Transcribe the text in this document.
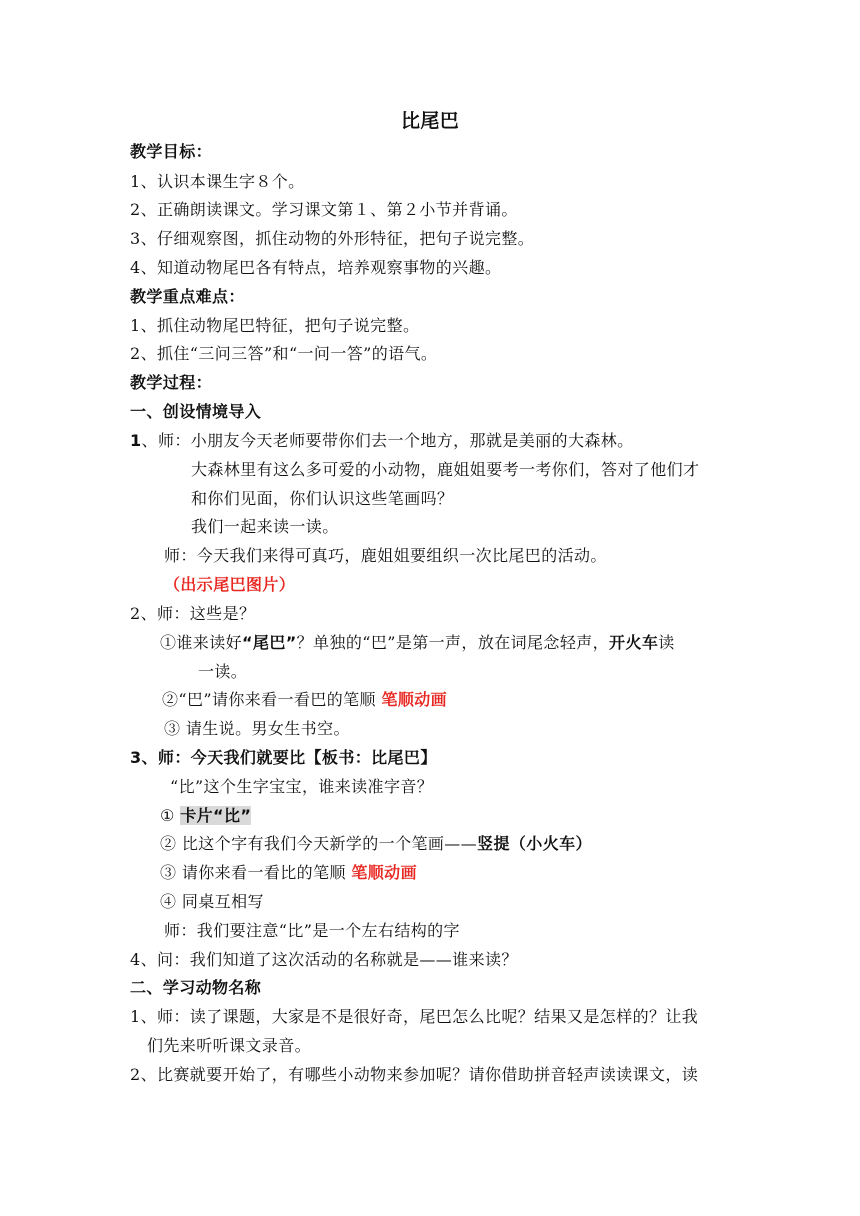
比尾巴
教学目标：
1、认识本课生字８个。
2、正确朗读课文。学习课文第１、第２小节并背诵。
3、仔细观察图，抓住动物的外形特征，把句子说完整。
4、知道动物尾巴各有特点，培养观察事物的兴趣。
教学重点难点：
1、抓住动物尾巴特征，把句子说完整。
2、抓住“三问三答”和“一问一答”的语气。
教学过程：
一、创设情境导入
1、师：小朋友今天老师要带你们去一个地方，那就是美丽的大森林。
大森林里有这么多可爱的小动物，鹿姐姐要考一考你们，答对了他们才
和你们见面，你们认识这些笔画吗？
我们一起来读一读。
师：今天我们来得可真巧，鹿姐姐要组织一次比尾巴的活动。
（出示尾巴图片）
2、师：这些是？
①谁来读好“尾巴”？单独的“巴”是第一声，放在词尾念轻声，开火车读
一读。
②“巴”请你来看一看巴的笔顺 笔顺动画
③ 请生说。男女生书空。
3、师：今天我们就要比【板书：比尾巴】
“比”这个生字宝宝，谁来读准字音？
① 卡片“比”
② 比这个字有我们今天新学的一个笔画——竖提（小火车）
③ 请你来看一看比的笔顺 笔顺动画
④ 同桌互相写
师：我们要注意“比”是一个左右结构的字
4、问：我们知道了这次活动的名称就是——谁来读？
二、学习动物名称
1、师：读了课题，大家是不是很好奇，尾巴怎么比呢？结果又是怎样的？让我
们先来听听课文录音。
2、比赛就要开始了，有哪些小动物来参加呢？请你借助拼音轻声读读课文，读
